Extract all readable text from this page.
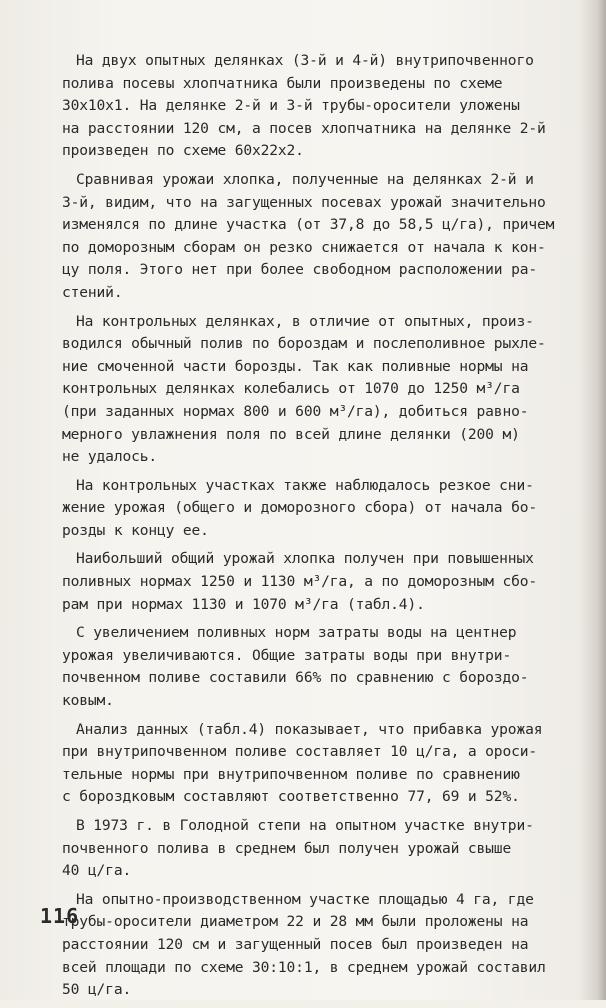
На двух опытных делянках (3-й и 4-й) внутрипочвенного
полива посевы хлопчатника были произведены по схеме
30х10х1. На делянке 2-й и 3-й трубы-оросители уложены
на расстоянии 120 см, а посев хлопчатника на делянке 2-й
произведен по схеме 60х22х2.
Сравнивая урожаи хлопка, полученные на делянках 2-й и
3-й, видим, что на загущенных посевах урожай значительно
изменялся по длине участка (от 37,8 до 58,5 ц/га), причем
по доморозным сборам он резко снижается от начала к кон-
цу поля. Этого нет при более свободном расположении ра-
стений.
На контрольных делянках, в отличие от опытных, произ-
водился обычный полив по бороздам и послеполивное рыхле-
ние смоченной части борозды. Так как поливные нормы на
контрольных делянках колебались от 1070 до 1250 м³/га
(при заданных нормах 800 и 600 м³/га), добиться равно-
мерного увлажнения поля по всей длине делянки (200 м)
не удалось.
На контрольных участках также наблюдалось резкое сни-
жение урожая (общего и доморозного сбора) от начала бо-
розды к концу ее.
Наибольший общий урожай хлопка получен при повышенных
поливных нормах 1250 и 1130 м³/га, а по доморозным сбо-
рам при нормах 1130 и 1070 м³/га (табл.4).
С увеличением поливных норм затраты воды на центнер
урожая увеличиваются. Общие затраты воды при внутри-
почвенном поливе составили 66% по сравнению с бороздо-
ковым.
Анализ данных (табл.4) показывает, что прибавка урожая
при внутрипочвенном поливе составляет 10 ц/га, а ороси-
тельные нормы при внутрипочвенном поливе по сравнению
с бороздковым составляют соответственно 77, 69 и 52%.
В 1973 г. в Голодной степи на опытном участке внутри-
почвенного полива в среднем был получен урожай свыше
40 ц/га.
На опытно-производственном участке площадью 4 га, где
трубы-оросители диаметром 22 и 28 мм были проложены на
расстоянии 120 см и загущенный посев был произведен на
всей площади по схеме 30:10:1, в среднем урожай составил
50 ц/га.
116
